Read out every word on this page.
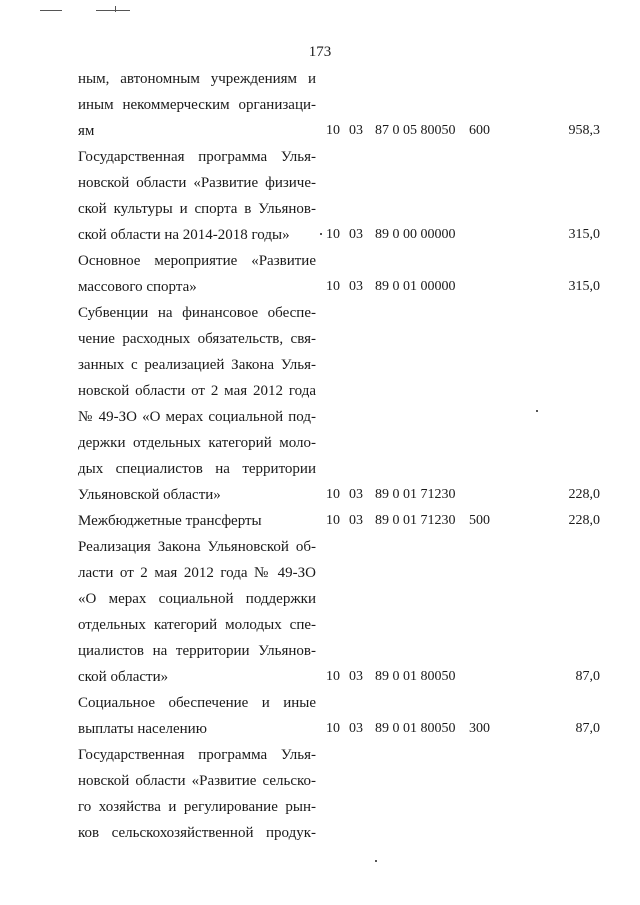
173
ным, автономным учреждениям и
иным некоммерческим организаци-
ям	10 03 87 0 05 80050 600	958,3
Государственная программа Улья-
новской области «Развитие физиче-
ской культуры и спорта в Ульянов-
ской области на 2014-2018 годы»	10 03 89 0 00 00000	315,0
Основное мероприятие «Развитие
массового спорта»	10 03 89 0 01 00000	315,0
Субвенции на финансовое обеспе-
чение расходных обязательств, свя-
занных с реализацией Закона Улья-
новской области от 2 мая 2012 года
№ 49-ЗО «О мерах социальной под-
держки отдельных категорий моло-
дых специалистов на территории
Ульяновской области»	10 03 89 0 01 71230	228,0
Межбюджетные трансферты	10 03 89 0 01 71230 500	228,0
Реализация Закона Ульяновской об-
ласти от 2 мая 2012 года № 49-ЗО
«О мерах социальной поддержки
отдельных категорий молодых спе-
циалистов на территории Ульянов-
ской области»	10 03 89 0 01 80050	87,0
Социальное обеспечение и иные
выплаты населению	10 03 89 0 01 80050 300	87,0
Государственная программа Улья-
новской области «Развитие сельско-
го хозяйства и регулирование рын-
ков сельскохозяйственной продук-
